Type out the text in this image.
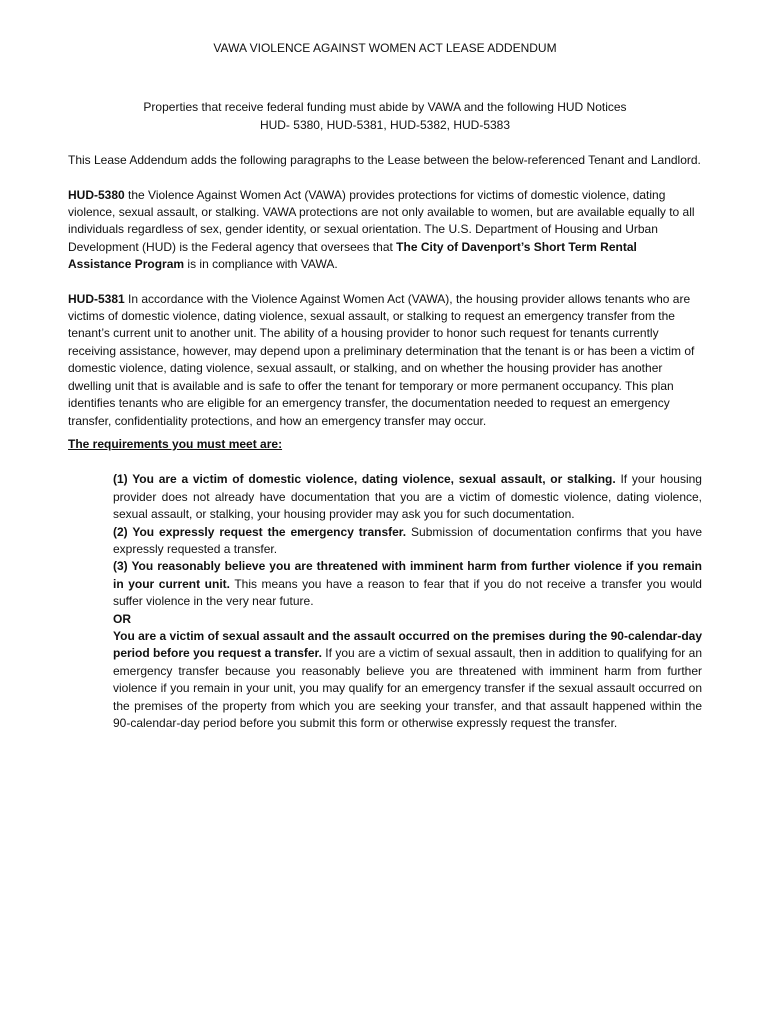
VAWA VIOLENCE AGAINST WOMEN ACT LEASE ADDENDUM
Properties that receive federal funding must abide by VAWA and the following HUD Notices
HUD- 5380, HUD-5381, HUD-5382, HUD-5383

This Lease Addendum adds the following paragraphs to the Lease between the below-referenced Tenant and Landlord.

HUD-5380 the Violence Against Women Act (VAWA) provides protections for victims of domestic violence, dating violence, sexual assault, or stalking. VAWA protections are not only available to women, but are available equally to all individuals regardless of sex, gender identity, or sexual orientation. The U.S. Department of Housing and Urban Development (HUD) is the Federal agency that oversees that The City of Davenport’s Short Term Rental Assistance Program is in compliance with VAWA.

HUD-5381 In accordance with the Violence Against Women Act (VAWA), the housing provider allows tenants who are victims of domestic violence, dating violence, sexual assault, or stalking to request an emergency transfer from the tenant’s current unit to another unit. The ability of a housing provider to honor such request for tenants currently receiving assistance, however, may depend upon a preliminary determination that the tenant is or has been a victim of domestic violence, dating violence, sexual assault, or stalking, and on whether the housing provider has another dwelling unit that is available and is safe to offer the tenant for temporary or more permanent occupancy. This plan identifies tenants who are eligible for an emergency transfer, the documentation needed to request an emergency transfer, confidentiality protections, and how an emergency transfer may occur.

The requirements you must meet are:

(1) You are a victim of domestic violence, dating violence, sexual assault, or stalking. If your housing provider does not already have documentation that you are a victim of domestic violence, dating violence, sexual assault, or stalking, your housing provider may ask you for such documentation.

(2) You expressly request the emergency transfer. Submission of documentation confirms that you have expressly requested a transfer.

(3) You reasonably believe you are threatened with imminent harm from further violence if you remain in your current unit. This means you have a reason to fear that if you do not receive a transfer you would suffer violence in the very near future.

OR

You are a victim of sexual assault and the assault occurred on the premises during the 90-calendar-day period before you request a transfer. If you are a victim of sexual assault, then in addition to qualifying for an emergency transfer because you reasonably believe you are threatened with imminent harm from further violence if you remain in your unit, you may qualify for an emergency transfer if the sexual assault occurred on the premises of the property from which you are seeking your transfer, and that assault happened within the 90-calendar-day period before you submit this form or otherwise expressly request the transfer.
